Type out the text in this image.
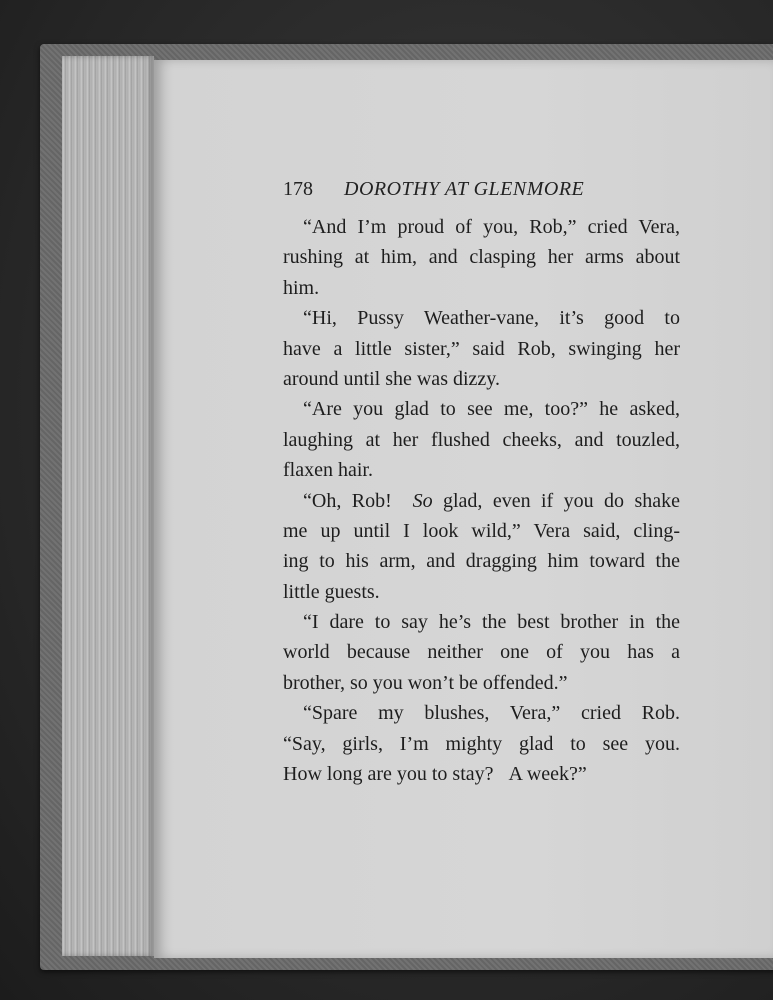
178 DOROTHY AT GLENMORE
“And I’m proud of you, Rob,” cried Vera,
rushing at him, and clasping her arms about
him.
“Hi, Pussy Weather-vane, it’s good to
have a little sister,” said Rob, swinging her
around until she was dizzy.
“Are you glad to see me, too?” he asked,
laughing at her flushed cheeks, and touzled,
flaxen hair.
“Oh, Rob! So glad, even if you do shake
me up until I look wild,” Vera said, cling-
ing to his arm, and dragging him toward the
little guests.
“I dare to say he’s the best brother in the
world because neither one of you has a
brother, so you won’t be offended.”
“Spare my blushes, Vera,” cried Rob.
“Say, girls, I’m mighty glad to see you.
How long are you to stay? A week?”
